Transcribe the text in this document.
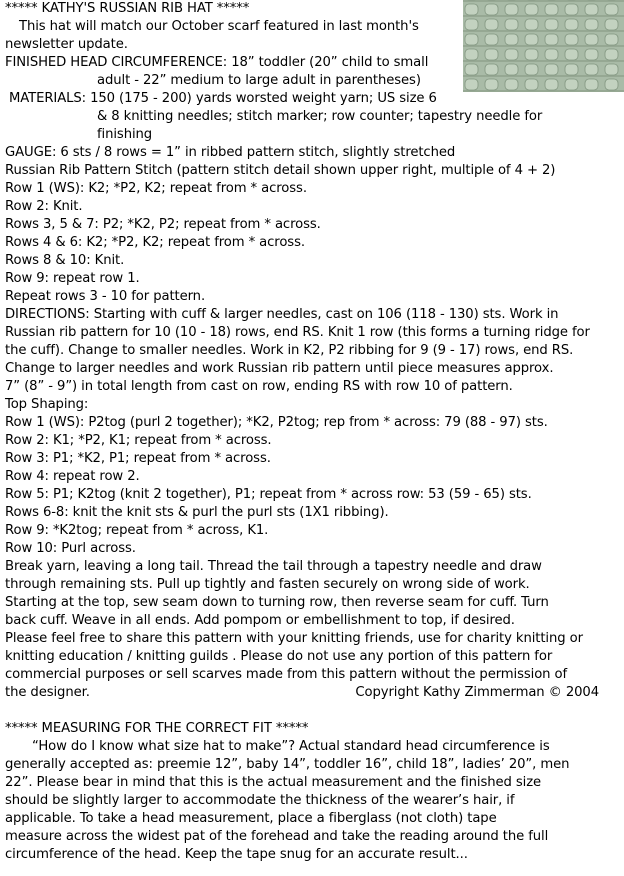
***** KATHY'S RUSSIAN RIB HAT *****
This hat will match our October scarf featured in last month's
newsletter update.
FINISHED HEAD CIRCUMFERENCE: 18” toddler (20” child to small
adult - 22” medium to large adult in parentheses)
MATERIALS: 150 (175 - 200) yards worsted weight yarn; US size 6
& 8 knitting needles; stitch marker; row counter; tapestry needle for
finishing
GAUGE: 6 sts / 8 rows = 1” in ribbed pattern stitch, slightly stretched
Russian Rib Pattern Stitch (pattern stitch detail shown upper right, multiple of 4 + 2)
Row 1 (WS): K2; *P2, K2; repeat from * across.
Row 2: Knit.
Rows 3, 5 & 7: P2; *K2, P2; repeat from * across.
Rows 4 & 6: K2; *P2, K2; repeat from * across.
Rows 8 & 10: Knit.
Row 9: repeat row 1.
Repeat rows 3 - 10 for pattern.
DIRECTIONS: Starting with cuff & larger needles, cast on 106 (118 - 130) sts. Work in
Russian rib pattern for 10 (10 - 18) rows, end RS. Knit 1 row (this forms a turning ridge for
the cuff). Change to smaller needles. Work in K2, P2 ribbing for 9 (9 - 17) rows, end RS.
Change to larger needles and work Russian rib pattern until piece measures approx.
7” (8” - 9”) in total length from cast on row, ending RS with row 10 of pattern.
Top Shaping:
Row 1 (WS): P2tog (purl 2 together); *K2, P2tog; rep from * across: 79 (88 - 97) sts.
Row 2: K1; *P2, K1; repeat from * across.
Row 3: P1; *K2, P1; repeat from * across.
Row 4: repeat row 2.
Row 5: P1; K2tog (knit 2 together), P1; repeat from * across row: 53 (59 - 65) sts.
Rows 6-8: knit the knit sts & purl the purl sts (1X1 ribbing).
Row 9: *K2tog; repeat from * across, K1.
Row 10: Purl across.
Break yarn, leaving a long tail. Thread the tail through a tapestry needle and draw
through remaining sts. Pull up tightly and fasten securely on wrong side of work.
Starting at the top, sew seam down to turning row, then reverse seam for cuff. Turn
back cuff. Weave in all ends. Add pompom or embellishment to top, if desired.
Please feel free to share this pattern with your knitting friends, use for charity knitting or
knitting education / knitting guilds . Please do not use any portion of this pattern for
commercial purposes or sell scarves made from this pattern without the permission of
the designer.	Copyright Kathy Zimmerman © 2004
***** MEASURING FOR THE CORRECT FIT *****
“How do I know what size hat to make”? Actual standard head circumference is
generally accepted as: preemie 12”, baby 14”, toddler 16”, child 18”, ladies’ 20”, men
22”. Please bear in mind that this is the actual measurement and the finished size
should be slightly larger to accommodate the thickness of the wearer’s hair, if
applicable. To take a head measurement, place a fiberglass (not cloth) tape
measure across the widest pat of the forehead and take the reading around the full
circumference of the head. Keep the tape snug for an accurate result...
